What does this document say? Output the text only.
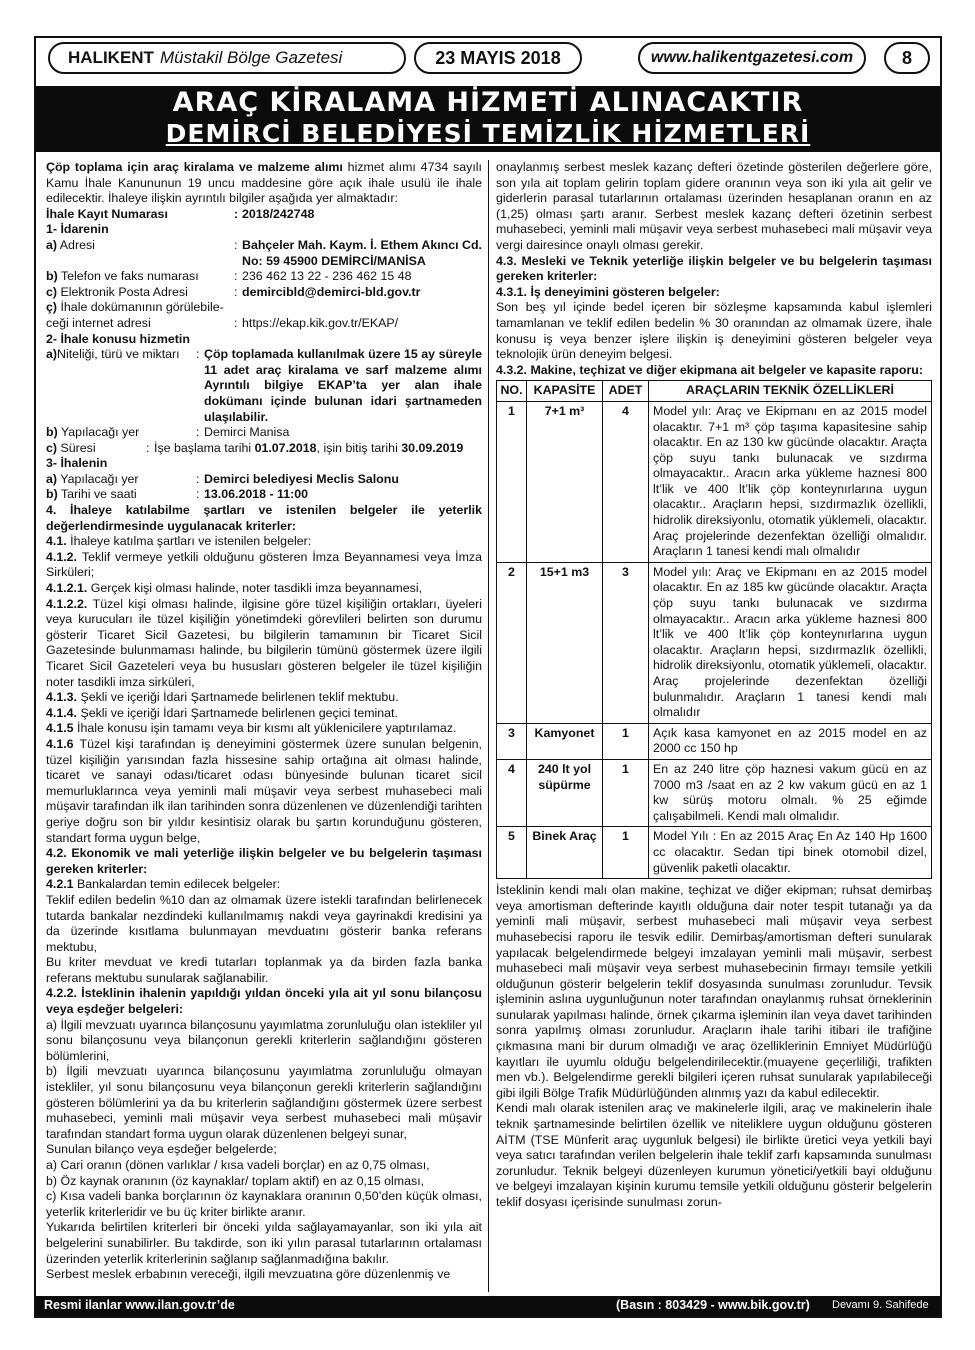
HALIKENT Müstakil Bölge Gazetesi	23 MAYIS 2018	www.halikentgazetesi.com	8
ARAÇ KİRALAMA HİZMETİ ALINACAKTIR
DEMİRCİ BELEDİYESİ TEMİZLİK HİZMETLERİ

Çöp toplama için araç kiralama ve malzeme alımı hizmet alımı 4734 sayılı Kamu İhale Kanununun 19 uncu maddesine göre açık ihale usulü ile ihale edilecektir. İhaleye ilişkin ayrıntılı bilgiler aşağıda yer almaktadır:

İhale Kayıt Numarası	: 2018/242748

1- İdarenin

a) Adresi	: Bahçeler Mah. Kaym. İ. Ethem Akıncı Cd. No: 59 45900 DEMİRCİ/MANİSA
b) Telefon ve faks numarası	: 236 462 13 22 - 236 462 15 48
c) Elektronik Posta Adresi	: demircibld@demirci-bld.gov.tr
ç) İhale dokümanının görülebile-
ceği internet adresi	: https://ekap.kik.gov.tr/EKAP/

2- İhale konusu hizmetin

a)Niteliği, türü ve miktarı	: Çöp toplamada kullanılmak üzere 15 ay süreyle 11 adet araç kiralama ve sarf malzeme alımı Ayrıntılı bilgiye EKAP’ta yer alan ihale dokümanı içinde bulunan idari şartnameden ulaşılabilir.
b) Yapılacağı yer	: Demirci Manisa
c) Süresi	: İşe başlama tarihi 01.07.2018, işin bitiş tarihi 30.09.2019

3- İhalenin

a) Yapılacağı yer	: Demirci belediyesi Meclis Salonu
b) Tarihi ve saati	: 13.06.2018 - 11:00

4. İhaleye katılabilme şartları ve istenilen belgeler ile yeterlik değerlendirmesinde uygulanacak kriterler:

4.1. İhaleye katılma şartları ve istenilen belgeler:

4.1.2. Teklif vermeye yetkili olduğunu gösteren İmza Beyannamesi veya İmza Sirküleri;

4.1.2.1. Gerçek kişi olması halinde, noter tasdikli imza beyannamesi,

4.1.2.2. Tüzel kişi olması halinde, ilgisine göre tüzel kişiliğin ortakları, üyeleri veya kurucuları ile tüzel kişiliğin yönetimdeki görevlileri belirten son durumu gösterir Ticaret Sicil Gazetesi, bu bilgilerin tamamının bir Ticaret Sicil Gazetesinde bulunmaması halinde, bu bilgilerin tümünü göstermek üzere ilgili Ticaret Sicil Gazeteleri veya bu hususları gösteren belgeler ile tüzel kişiliğin noter tasdikli imza sirküleri,

4.1.3. Şekli ve içeriği İdari Şartnamede belirlenen teklif mektubu.

4.1.4. Şekli ve içeriği İdari Şartnamede belirlenen geçici teminat.

4.1.5 İhale konusu işin tamamı veya bir kısmı alt yüklenicilere yaptırılamaz.

4.1.6 Tüzel kişi tarafından iş deneyimini göstermek üzere sunulan belgenin, tüzel kişiliğin yarısından fazla hissesine sahip ortağına ait olması halinde, ticaret ve sanayi odası/ticaret odası bünyesinde bulunan ticaret sicil memurluklarınca veya yeminli mali müşavir veya serbest muhasebeci mali müşavir tarafından ilk ilan tarihinden sonra düzenlenen ve düzenlendiği tarihten geriye doğru son bir yıldır kesintisiz olarak bu şartın korunduğunu gösteren, standart forma uygun belge,

4.2. Ekonomik ve mali yeterliğe ilişkin belgeler ve bu belgelerin taşıması gereken kriterler:

4.2.1 Bankalardan temin edilecek belgeler:

Teklif edilen bedelin %10 dan az olmamak üzere istekli tarafından belirlenecek tutarda bankalar nezdindeki kullanılmamış nakdi veya gayrinakdi kredisini ya da üzerinde kısıtlama bulunmayan mevduatını gösterir banka referans mektubu,

Bu kriter mevduat ve kredi tutarları toplanmak ya da birden fazla banka referans mektubu sunularak sağlanabilir.

4.2.2. İsteklinin ihalenin yapıldığı yıldan önceki yıla ait yıl sonu bilançosu veya eşdeğer belgeleri:

a) İlgili mevzuatı uyarınca bilançosunu yayımlatma zorunluluğu olan istekliler yıl sonu bilançosunu veya bilançonun gerekli kriterlerin sağlandığını gösteren bölümlerini,

b) İlgili mevzuatı uyarınca bilançosunu yayımlatma zorunluluğu olmayan istekliler, yıl sonu bilançosunu veya bilançonun gerekli kriterlerin sağlandığını gösteren bölümlerini ya da bu kriterlerin sağlandığını göstermek üzere serbest muhasebeci, yeminli mali müşavir veya serbest muhasebeci mali müşavir tarafından standart forma uygun olarak düzenlenen belgeyi sunar,

Sunulan bilanço veya eşdeğer belgelerde;

a) Cari oranın (dönen varlıklar / kısa vadeli borçlar) en az 0,75 olması,

b) Öz kaynak oranının (öz kaynaklar/ toplam aktif) en az 0,15 olması,

c) Kısa vadeli banka borçlarının öz kaynaklara oranının 0,50’den küçük olması, yeterlik kriterleridir ve bu üç kriter birlikte aranır.

Yukarıda belirtilen kriterleri bir önceki yılda sağlayamayanlar, son iki yıla ait belgelerini sunabilirler. Bu takdirde, son iki yılın parasal tutarlarının ortalaması üzerinden yeterlik kriterlerinin sağlanıp sağlanmadığına bakılır.

Serbest meslek erbabının vereceği, ilgili mevzuatına göre düzenlenmiş ve

onaylanmış serbest meslek kazanç defteri özetinde gösterilen değerlere göre, son yıla ait toplam gelirin toplam gidere oranının veya son iki yıla ait gelir ve giderlerin parasal tutarlarının ortalaması üzerinden hesaplanan oranın en az (1,25) olması şartı aranır. Serbest meslek kazanç defteri özetinin serbest muhasebeci, yeminli mali müşavir veya serbest muhasebeci mali müşavir veya vergi dairesince onaylı olması gerekir.

4.3. Mesleki ve Teknik yeterliğe ilişkin belgeler ve bu belgelerin taşıması gereken kriterler:

4.3.1. İş deneyimini gösteren belgeler:

Son beş yıl içinde bedel içeren bir sözleşme kapsamında kabul işlemleri tamamlanan ve teklif edilen bedelin % 30 oranından az olmamak üzere, ihale konusu iş veya benzer işlere ilişkin iş deneyimini gösteren belgeler veya teknolojik ürün deneyim belgesi.

4.3.2. Makine, teçhizat ve diğer ekipmana ait belgeler ve kapasite raporu:

NO.	KAPASİTE	ADET	ARAÇLARIN TEKNİK ÖZELLİKLERİ
1	7+1 m³	4	Model yılı: Araç ve Ekipmanı en az 2015 model olacaktır. 7+1 m³ çöp taşıma kapasitesine sahip olacaktır. En az 130 kw gücünde olacaktır. Araçta çöp suyu tankı bulunacak ve sızdırma olmayacaktır.. Aracın arka yükleme haznesi 800 lt’lik ve 400 lt’lik çöp konteynırlarına uygun olacaktır.. Araçların hepsi, sızdırmazlık özellikli, hidrolik direksiyonlu, otomatik yüklemeli, olacaktır. Araç projelerinde dezenfektan özelliği olmalıdır. Araçların 1 tanesi kendi malı olmalıdır
2	15+1 m3	3	Model yılı: Araç ve Ekipmanı en az 2015 model olacaktır. En az 185 kw gücünde olacaktır. Araçta çöp suyu tankı bulunacak ve sızdırma olmayacaktır.. Aracın arka yükleme haznesi 800 lt’lik ve 400 lt’lik çöp konteynırlarına uygun olacaktır. Araçların hepsi, sızdırmazlık özellikli, hidrolik direksiyonlu, otomatik yüklemeli, olacaktır. Araç projelerinde dezenfektan özelliği bulunmalıdır. Araçların 1 tanesi kendi malı olmalıdır
3	Kamyonet	1	Açık kasa kamyonet en az 2015 model en az 2000 cc 150 hp
4	240 lt yol süpürme	1	En az 240 litre çöp haznesi vakum gücü en az 7000 m3 /saat en az 2 kw vakum gücü en az 1 kw sürüş motoru olmalı. % 25 eğimde çalışabilmeli. Kendi malı olmalıdır.
5	Binek Araç	1	Model Yılı : En az 2015 Araç En Az 140 Hp 1600 cc olacaktır. Sedan tipi binek otomobil dizel, güvenlik paketli olacaktır.

İsteklinin kendi malı olan makine, teçhizat ve diğer ekipman; ruhsat demirbaş veya amortisman defterinde kayıtlı olduğuna dair noter tespit tutanağı ya da yeminli mali müşavir, serbest muhasebeci mali müşavir veya serbest muhasebecisi raporu ile tesvik edilir. Demirbaş/amortisman defteri sunularak yapılacak belgelendirmede belgeyi imzalayan yeminli mali müşavir, serbest muhasebeci mali müşavir veya serbest muhasebecinin firmayı temsile yetkili olduğunun gösterir belgelerin teklif dosyasında sunulması zorunludur. Tevsik işleminin aslına uygunluğunun noter tarafından onaylanmış ruhsat örneklerinin sunularak yapılması halinde, örnek çıkarma işleminin ilan veya davet tarihinden sonra yapılmış olması zorunludur. Araçların ihale tarihi itibari ile trafiğine çıkmasına mani bir durum olmadığı ve araç özelliklerinin Emniyet Müdürlüğü kayıtları ile uyumlu olduğu belgelendirilecektir.(muayene geçerliliği, trafikten men vb.). Belgelendirme gerekli bilgileri içeren ruhsat sunularak yapılabileceği gibi ilgili Bölge Trafik Müdürlüğünden alınmış yazı da kabul edilecektir.

Kendi malı olarak istenilen araç ve makinelerle ilgili, araç ve makinelerin ihale teknik şartnamesinde belirtilen özellik ve niteliklere uygun olduğunu gösteren AİTM (TSE Münferit araç uygunluk belgesi) ile birlikte üretici veya yetkili bayi veya satıcı tarafından verilen belgelerin ihale teklif zarfı kapsamında sunulması zorunludur. Teknik belgeyi düzenleyen kurumun yönetici/yetkili bayi olduğunu ve belgeyi imzalayan kişinin kurumu temsile yetkili olduğunu gösterir belgelerin teklif dosyası içerisinde sunulması zorun-

Resmi ilanlar www.ilan.gov.tr’de	(Basın : 803429 - www.bik.gov.tr) Devamı 9. Sahifede
